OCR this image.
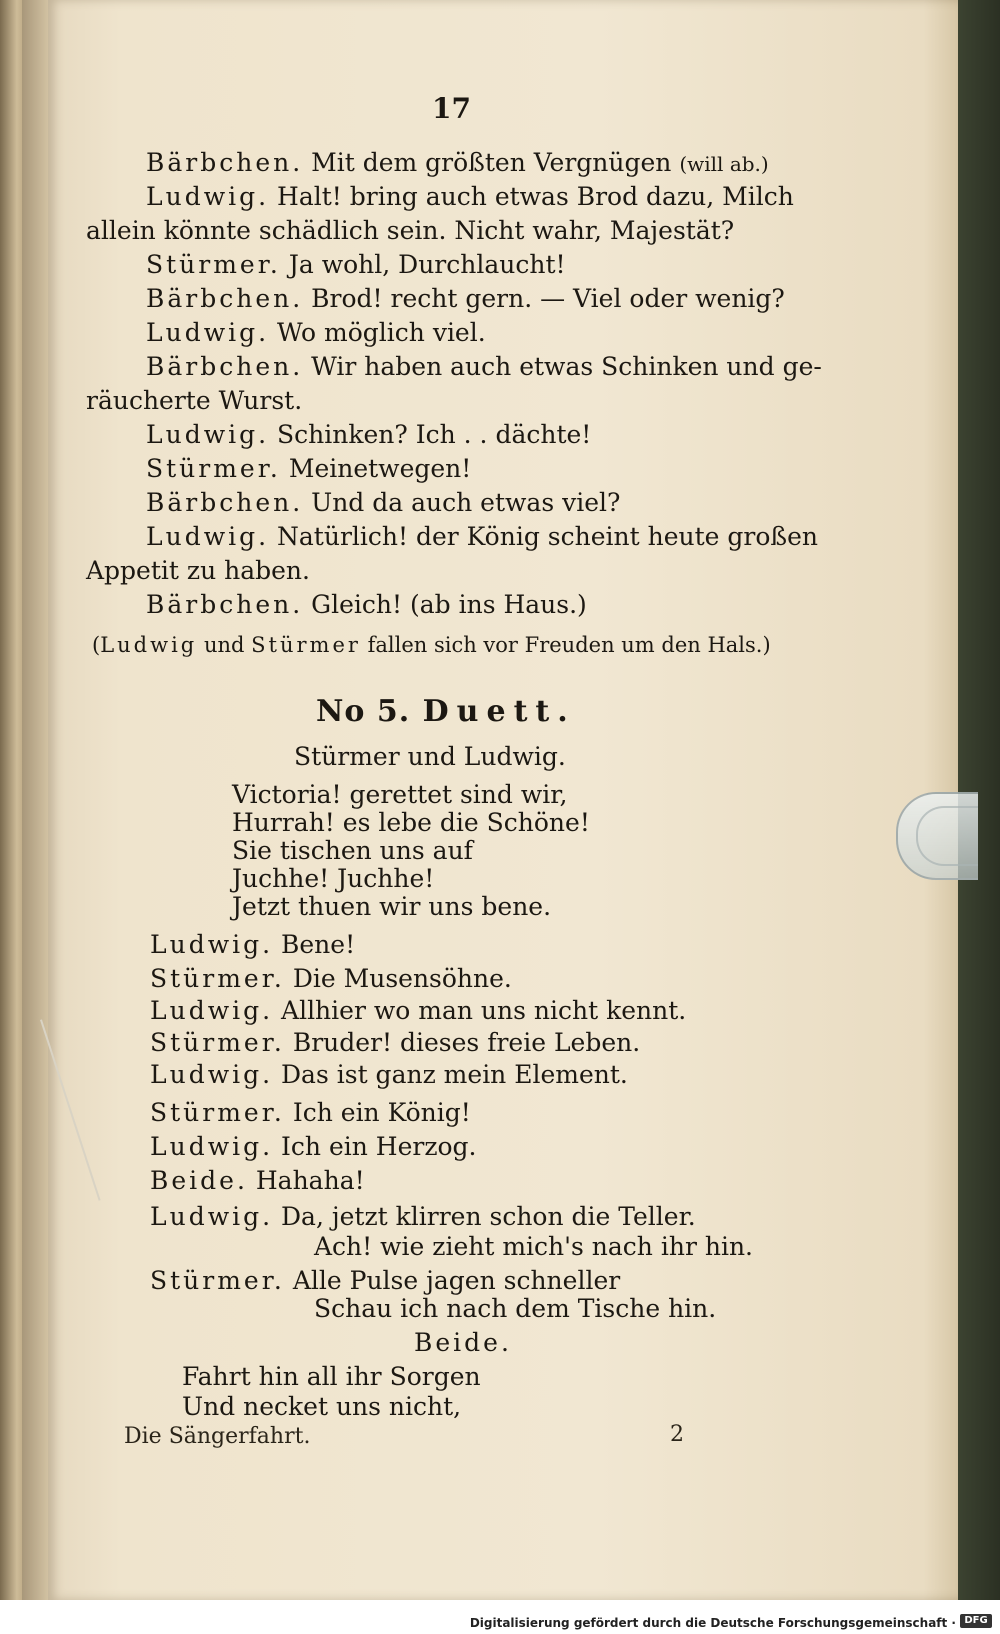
17
Bärbchen. Mit dem größten Vergnügen (will ab.)
Ludwig. Halt! bring auch etwas Brod dazu, Milch
allein könnte schädlich sein. Nicht wahr, Majestät?
Stürmer. Ja wohl, Durchlaucht!
Bärbchen. Brod! recht gern. — Viel oder wenig?
Ludwig. Wo möglich viel.
Bärbchen. Wir haben auch etwas Schinken und ge-
räucherte Wurst.
Ludwig. Schinken? Ich . . dächte!
Stürmer. Meinetwegen!
Bärbchen. Und da auch etwas viel?
Ludwig. Natürlich! der König scheint heute großen
Appetit zu haben.
Bärbchen. Gleich! (ab ins Haus.)
(Ludwig und Stürmer fallen sich vor Freuden um den Hals.)
No 5. Duett.
Stürmer und Ludwig.
Victoria! gerettet sind wir,
Hurrah! es lebe die Schöne!
Sie tischen uns auf
Juchhe! Juchhe!
Jetzt thuen wir uns bene.
Ludwig. Bene!
Stürmer. Die Musensöhne.
Ludwig. Allhier wo man uns nicht kennt.
Stürmer. Bruder! dieses freie Leben.
Ludwig. Das ist ganz mein Element.
Stürmer. Ich ein König!
Ludwig. Ich ein Herzog.
Beide. Hahaha!
Ludwig. Da, jetzt klirren schon die Teller.
Ach! wie zieht mich's nach ihr hin.
Stürmer. Alle Pulse jagen schneller
Schau ich nach dem Tische hin.
Beide.
Fahrt hin all ihr Sorgen
Und necket uns nicht,
Die Sängerfahrt.	2
Digitalisierung gefördert durch die Deutsche Forschungsgemeinschaft · DFG
